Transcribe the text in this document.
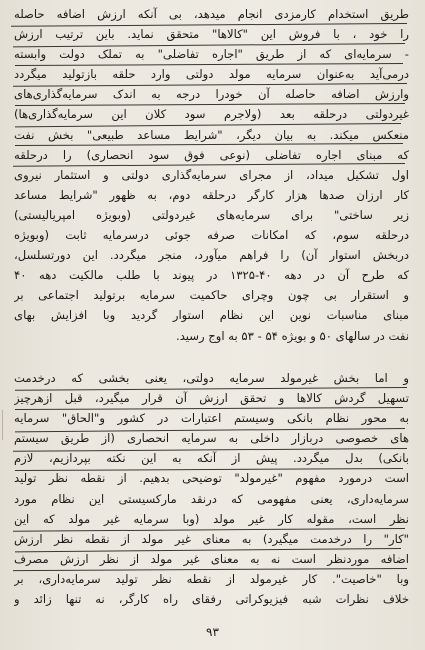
طریق استخدام کارمزدی انجام میدهد، بی آنکه ارزش اضافه حاصله
را خود ، با فروش این "کالاها" متحقق نماید. باین ترتیب ارزش
- سرمایه‌ای که از طریق "اجاره تفاضلی" به تملک دولت وابسته
درمی‌آید به‌عنوان سرمایه مولد دولتی وارد حلقه بازتولید میگردد
وارزش اضافه حاصله آن خودرا درجه به اندک سرمایه‌گذاری‌های
غیردولتی درحلقه بعد (ولاجرم سود کلان این سرمایه‌گذاری‌ها)
منعکس میکند. به بیان دیگر، "شرایط مساعد طبیعی" بخش نفت
که مبنای اجاره تفاضلی (نوعی فوق سود انحصاری) را درحلقه
اول تشکیل میداد، از مجرای سرمایه‌گذاری دولتی و استثمار نیروی
کار ارزان صدها هزار کارگر درحلقه دوم، به ظهور "شرایط مساعد
زیر ساختی" برای سرمایه‌های غیردولتی (وبویژه امپریالیستی)
درحلقه سوم، که امکانات صرفه جوئی درسرمایه ثابت (وبویژه
دربخش استوار آن) را فراهم میآورد، منجر میگردد. این دورتسلسل،
که طرح آن در دهه ۴۰-۱۳۲۵ در پیوند با طلب مالکیت دهه ۴۰
و استقرار بی چون وچرای حاکمیت سرمایه برتولید اجتماعی بر
مبنای مناسبات نوین این نظام استوار گردید وبا افزایش بهای
نفت در سالهای ۵۰ و بویژه ۵۴ - ۵۳ به اوج رسید.
و اما بخش غیرمولد سرمایه دولتی، یعنی بخشی که درخدمت
تسهیل گردش کالاها و تحقق ارزش آن قرار میگیرد، قبل ازهرچیز
به محور نظام بانکی وسیستم اعتبارات در کشور و"الحاق" سرمایه
های خصوصی دربازار داخلی به سرمایه انحصاری (از طریق سیستم
بانکی) بدل میگردد. پیش از آنکه به این نکته بپردازیم، لازم
است درمورد مفهوم "غیرمولد" توضیحی بدهیم. از نقطه نظر تولید
سرمایه‌داری، یعنی مفهومی که درنقد مارکسیستی این نظام مورد
نظر است، مقوله کار غیر مولد (وبا سرمایه غیر مولد که این
"کار" را درخدمت میگیرد) به معنای غیر مولد از نقطه نظر ارزش
اضافه موردنظر است نه به معنای غیر مولد از نظر ارزش مصرف
وبا "خاصیت". کار غیرمولد از نقطه نظر تولید سرمایه‌داری، بر
خلاف نظرات شبه فیزیوکراتی رفقای راه کارگر، نه تنها زائد و
۹۳
